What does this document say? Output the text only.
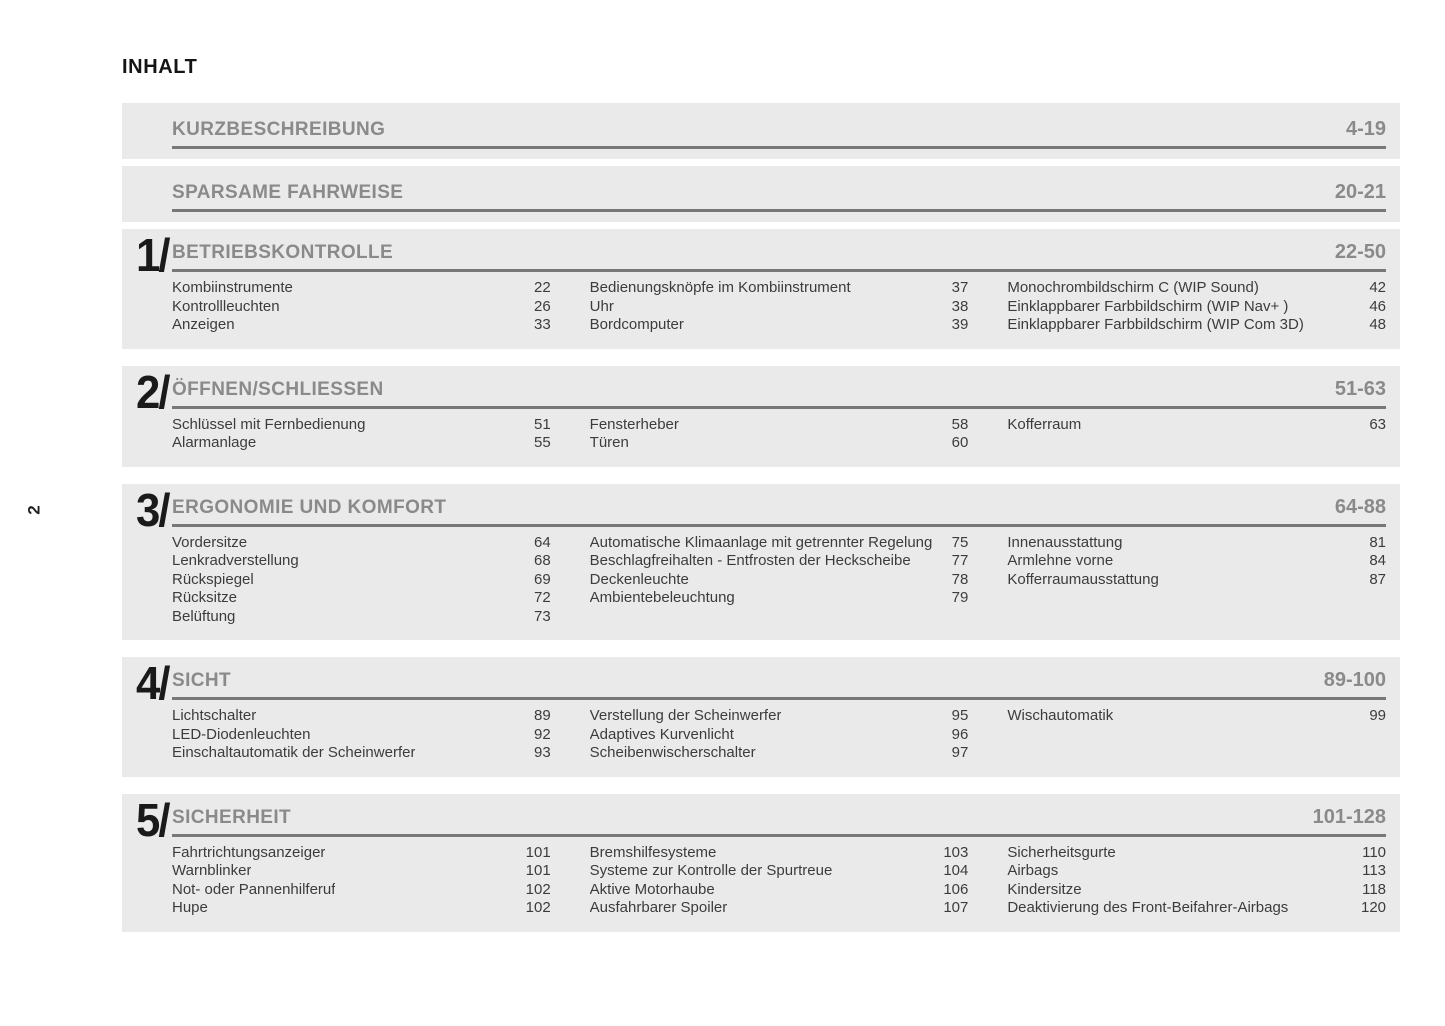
INHALT
2
KURZBESCHREIBUNG	4-19
SPARSAME FAHRWEISE	20-21
1/ BETRIEBSKONTROLLE	22-50
Kombiinstrumente	22
Kontrollleuchten	26
Anzeigen	33
Bedienungsknöpfe im Kombiinstrument	37
Uhr	38
Bordcomputer	39
Monochrombildschirm C (WIP Sound)	42
Einklappbarer Farbbildschirm (WIP Nav+ )	46
Einklappbarer Farbbildschirm (WIP Com 3D)	48
2/ ÖFFNEN/SCHLIESSEN	51-63
Schlüssel mit Fernbedienung	51
Alarmanlage	55
Fensterheber	58
Türen	60
Kofferraum	63
3/ ERGONOMIE UND KOMFORT	64-88
Vordersitze	64
Lenkradverstellung	68
Rückspiegel	69
Rücksitze	72
Belüftung	73
Automatische Klimaanlage mit getrennter Regelung	75
Beschlagfreihalten - Entfrosten der Heckscheibe	77
Deckenleuchte	78
Ambientebeleuchtung	79
Innenausstattung	81
Armlehne vorne	84
Kofferraumausstattung	87
4/ SICHT	89-100
Lichtschalter	89
LED-Diodenleuchten	92
Einschaltautomatik der Scheinwerfer	93
Verstellung der Scheinwerfer	95
Adaptives Kurvenlicht	96
Scheibenwischerschalter	97
Wischautomatik	99
5/ SICHERHEIT	101-128
Fahrtrichtungsanzeiger	101
Warnblinker	101
Not- oder Pannenhilferuf	102
Hupe	102
Bremshilfesysteme	103
Systeme zur Kontrolle der Spurtreue	104
Aktive Motorhaube	106
Ausfahrbarer Spoiler	107
Sicherheitsgurte	110
Airbags	113
Kindersitze	118
Deaktivierung des Front-Beifahrer-Airbags	120
